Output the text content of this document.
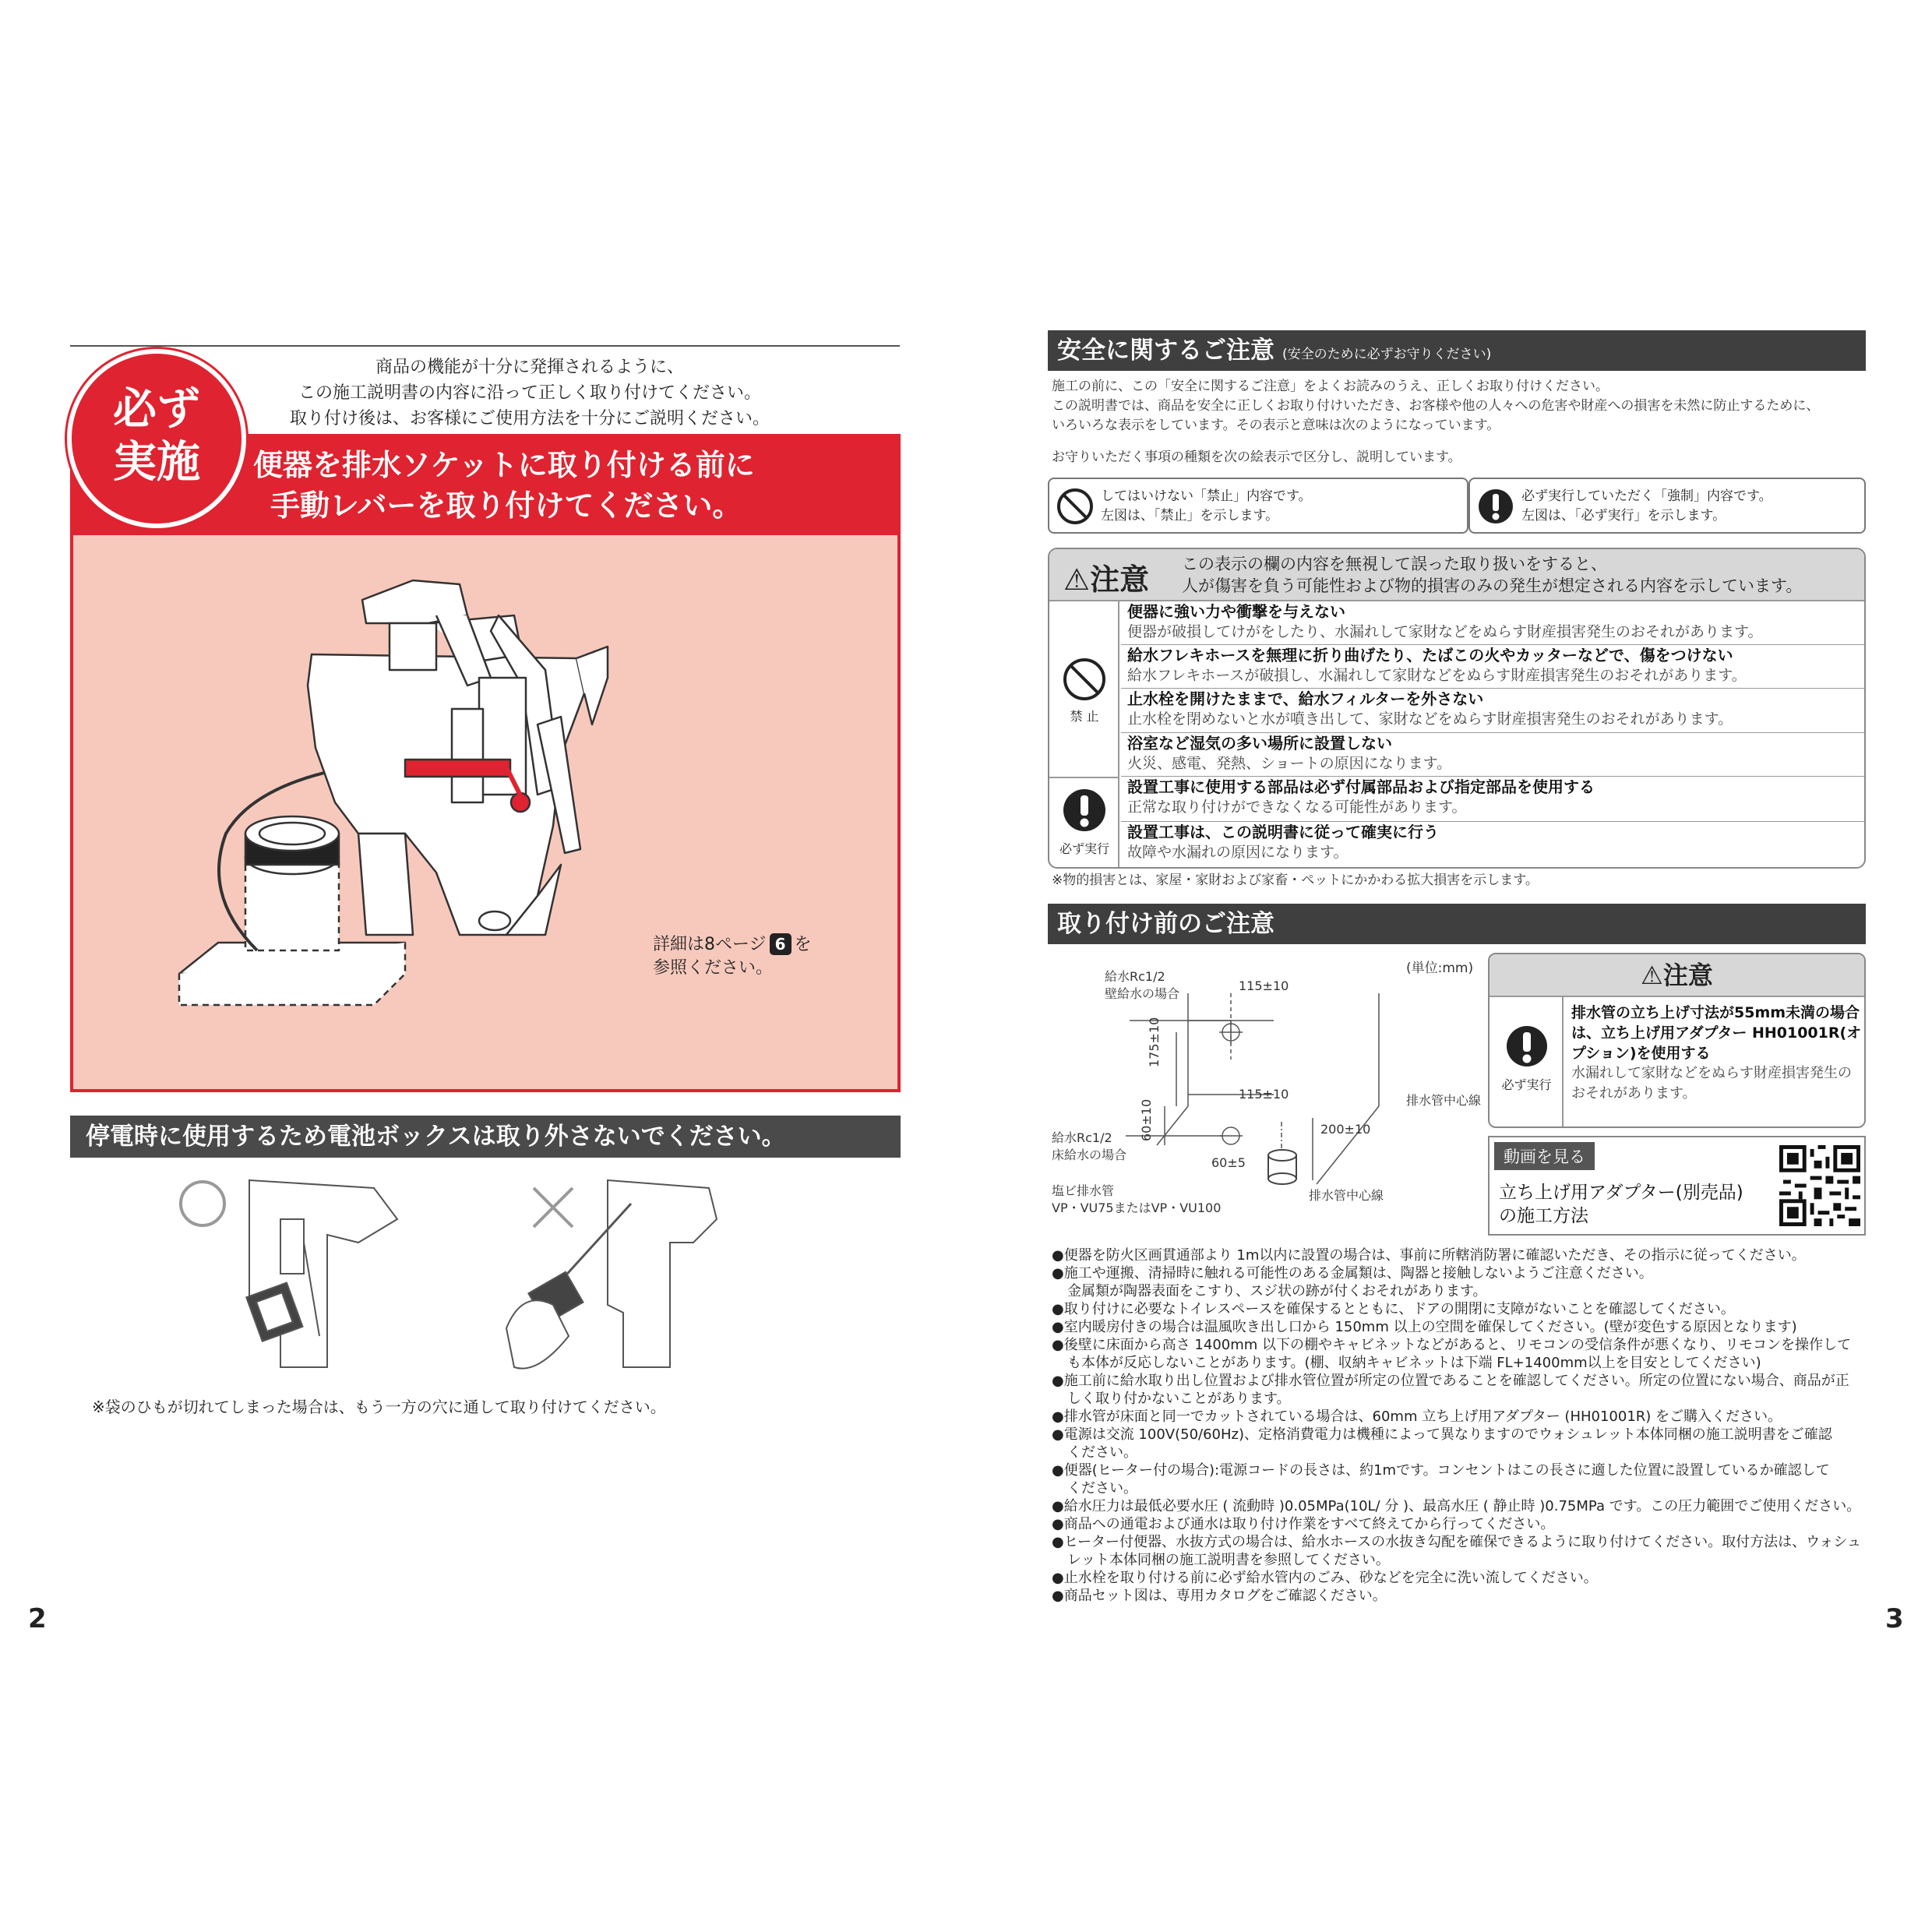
商品の機能が十分に発揮されるように、
この施工説明書の内容に沿って正しく取り付けてください。
取り付け後は、お客様にご使用方法を十分にご説明ください。
便器を排水ソケットに取り付ける前に
手動レバーを取り付けてください。
必ず
実施
詳細は8ページ 6 を
参照ください。
停電時に使用するため電池ボックスは取り外さないでください。
※袋のひもが切れてしまった場合は、もう一方の穴に通して取り付けてください。
2
安全に関するご注意 (安全のために必ずお守りください)
施工の前に、この「安全に関するご注意」をよくお読みのうえ、正しくお取り付けください。
この説明書では、商品を安全に正しくお取り付けいただき、お客様や他の人々への危害や財産への損害を未然に防止するために、
いろいろな表示をしています。その表示と意味は次のようになっています。
お守りいただく事項の種類を次の絵表示で区分し、説明しています。
してはいけない「禁止」内容です。
左図は、「禁止」を示します。
必ず実行していただく「強制」内容です。
左図は、「必ず実行」を示します。
⚠注意 この表示の欄の内容を無視して誤った取り扱いをすると、
人が傷害を負う可能性および物的損害のみの発生が想定される内容を示しています。
禁 止
必ず実行
便器に強い力や衝撃を与えない
便器が破損してけがをしたり、水漏れして家財などをぬらす財産損害発生のおそれがあります。
給水フレキホースを無理に折り曲げたり、たばこの火やカッターなどで、傷をつけない
給水フレキホースが破損し、水漏れして家財などをぬらす財産損害発生のおそれがあります。
止水栓を開けたままで、給水フィルターを外さない
止水栓を閉めないと水が噴き出して、家財などをぬらす財産損害発生のおそれがあります。
浴室など湿気の多い場所に設置しない
火災、感電、発熱、ショートの原因になります。
設置工事に使用する部品は必ず付属部品および指定部品を使用する
正常な取り付けができなくなる可能性があります。
設置工事は、この説明書に従って確実に行う
故障や水漏れの原因になります。
※物的損害とは、家屋・家財および家畜・ペットにかかわる拡大損害を示します。
取り付け前のご注意
(単位:mm)
給水Rc1/2
壁給水の場合
115±10
175±10
115±10	排水管中心線
60±10	200±10
給水Rc1/2
床給水の場合
60±5
塩ビ排水管
VP・VU75またはVP・VU100
排水管中心線
⚠注意
必ず実行
排水管の立ち上げ寸法が55mm未満の場合は、立ち上げ用アダプター HH01001R(オプション)を使用する
水漏れして家財などをぬらす財産損害発生のおそれがあります。
動画を見る
立ち上げ用アダプター(別売品)
の施工方法
●便器を防火区画貫通部より 1m以内に設置の場合は、事前に所轄消防署に確認いただき、その指示に従ってください。
●施工や運搬、清掃時に触れる可能性のある金属類は、陶器と接触しないようご注意ください。
金属類が陶器表面をこすり、スジ状の跡が付くおそれがあります。
●取り付けに必要なトイレスペースを確保するとともに、ドアの開閉に支障がないことを確認してください。
●室内暖房付きの場合は温風吹き出し口から 150mm 以上の空間を確保してください。(壁が変色する原因となります)
●後壁に床面から高さ 1400mm 以下の棚やキャビネットなどがあると、リモコンの受信条件が悪くなり、リモコンを操作して
も本体が反応しないことがあります。(棚、収納キャビネットは下端 FL+1400mm以上を目安としてください)
●施工前に給水取り出し位置および排水管位置が所定の位置であることを確認してください。所定の位置にない場合、商品が正
しく取り付かないことがあります。
●排水管が床面と同一でカットされている場合は、60mm 立ち上げ用アダプター (HH01001R) をご購入ください。
●電源は交流 100V(50/60Hz)、定格消費電力は機種によって異なりますのでウォシュレット本体同梱の施工説明書をご確認
ください。
●便器(ヒーター付の場合):電源コードの長さは、約1mです。コンセントはこの長さに適した位置に設置しているか確認して
ください。
●給水圧力は最低必要水圧 ( 流動時 )0.05MPa(10L/ 分 )、最高水圧 ( 静止時 )0.75MPa です。この圧力範囲でご使用ください。
●商品への通電および通水は取り付け作業をすべて終えてから行ってください。
●ヒーター付便器、水抜方式の場合は、給水ホースの水抜き勾配を確保できるように取り付けてください。取付方法は、ウォシュ
レット本体同梱の施工説明書を参照してください。
●止水栓を取り付ける前に必ず給水管内のごみ、砂などを完全に洗い流してください。
●商品セット図は、専用カタログをご確認ください。
3
